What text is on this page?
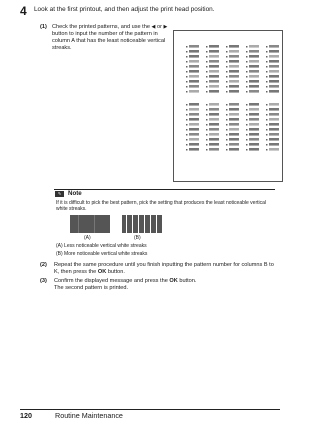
4 Look at the first printout, and then adjust the print head position.
(1) Check the printed patterns, and use the ◀ or ▶ button to input the number of the pattern in column A that has the least noticeable vertical streaks.
✎	Note
If it is difficult to pick the best pattern, pick the setting that produces the least noticeable vertical white streaks.
(A)	(B)
(A) Less noticeable vertical white streaks
(B) More noticeable vertical white streaks
(2) Repeat the same procedure until you finish inputting the pattern number for columns B to K, then press the OK button.
(3) Confirm the displayed message and press the OK button.
The second pattern is printed.
120	Routine Maintenance
